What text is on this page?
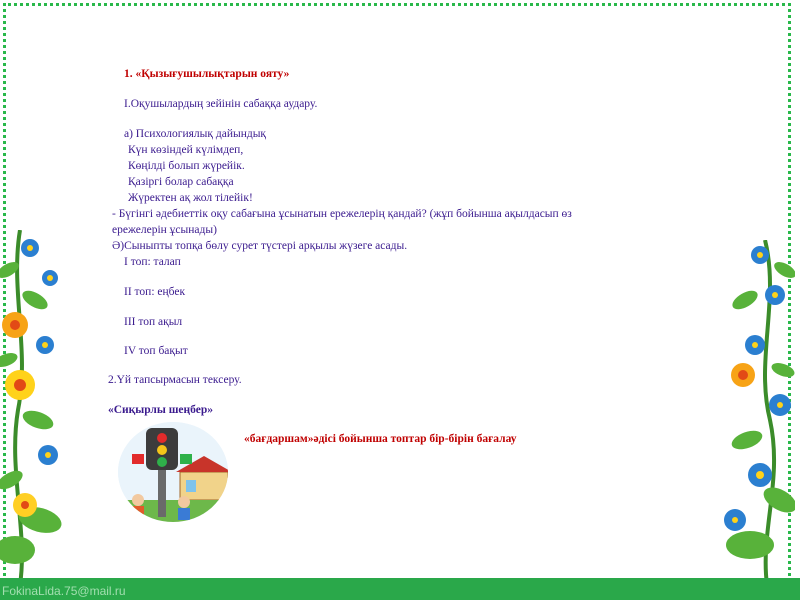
1. «Қызығушылықтарын ояту»
І.Оқушылардың зейінін сабаққа аудару.
а) Психологиялық дайындық
Күн көзіндей күлімдеп,
Көңілді болып жүрейік.
Қазіргі болар сабаққа
Жүректен ақ жол тілейік!
- Бүгінгі әдебиеттік оқу сабағына ұсынатын ережелерің қандай? (жұп бойынша ақылдасып өз
ережелерін ұсынады)
Ә)Сыныпты топқа бөлу сурет түстері арқылы жүзеге асады.
І топ: талап
ІІ топ: еңбек
ІІІ топ ақыл
ІV топ бақыт
2.Үй тапсырмасын тексеру.
«Сиқырлы шеңбер»
«бағдаршам»әдісі бойынша топтар бір-бірін бағалау
FokinaLida.75@mail.ru
